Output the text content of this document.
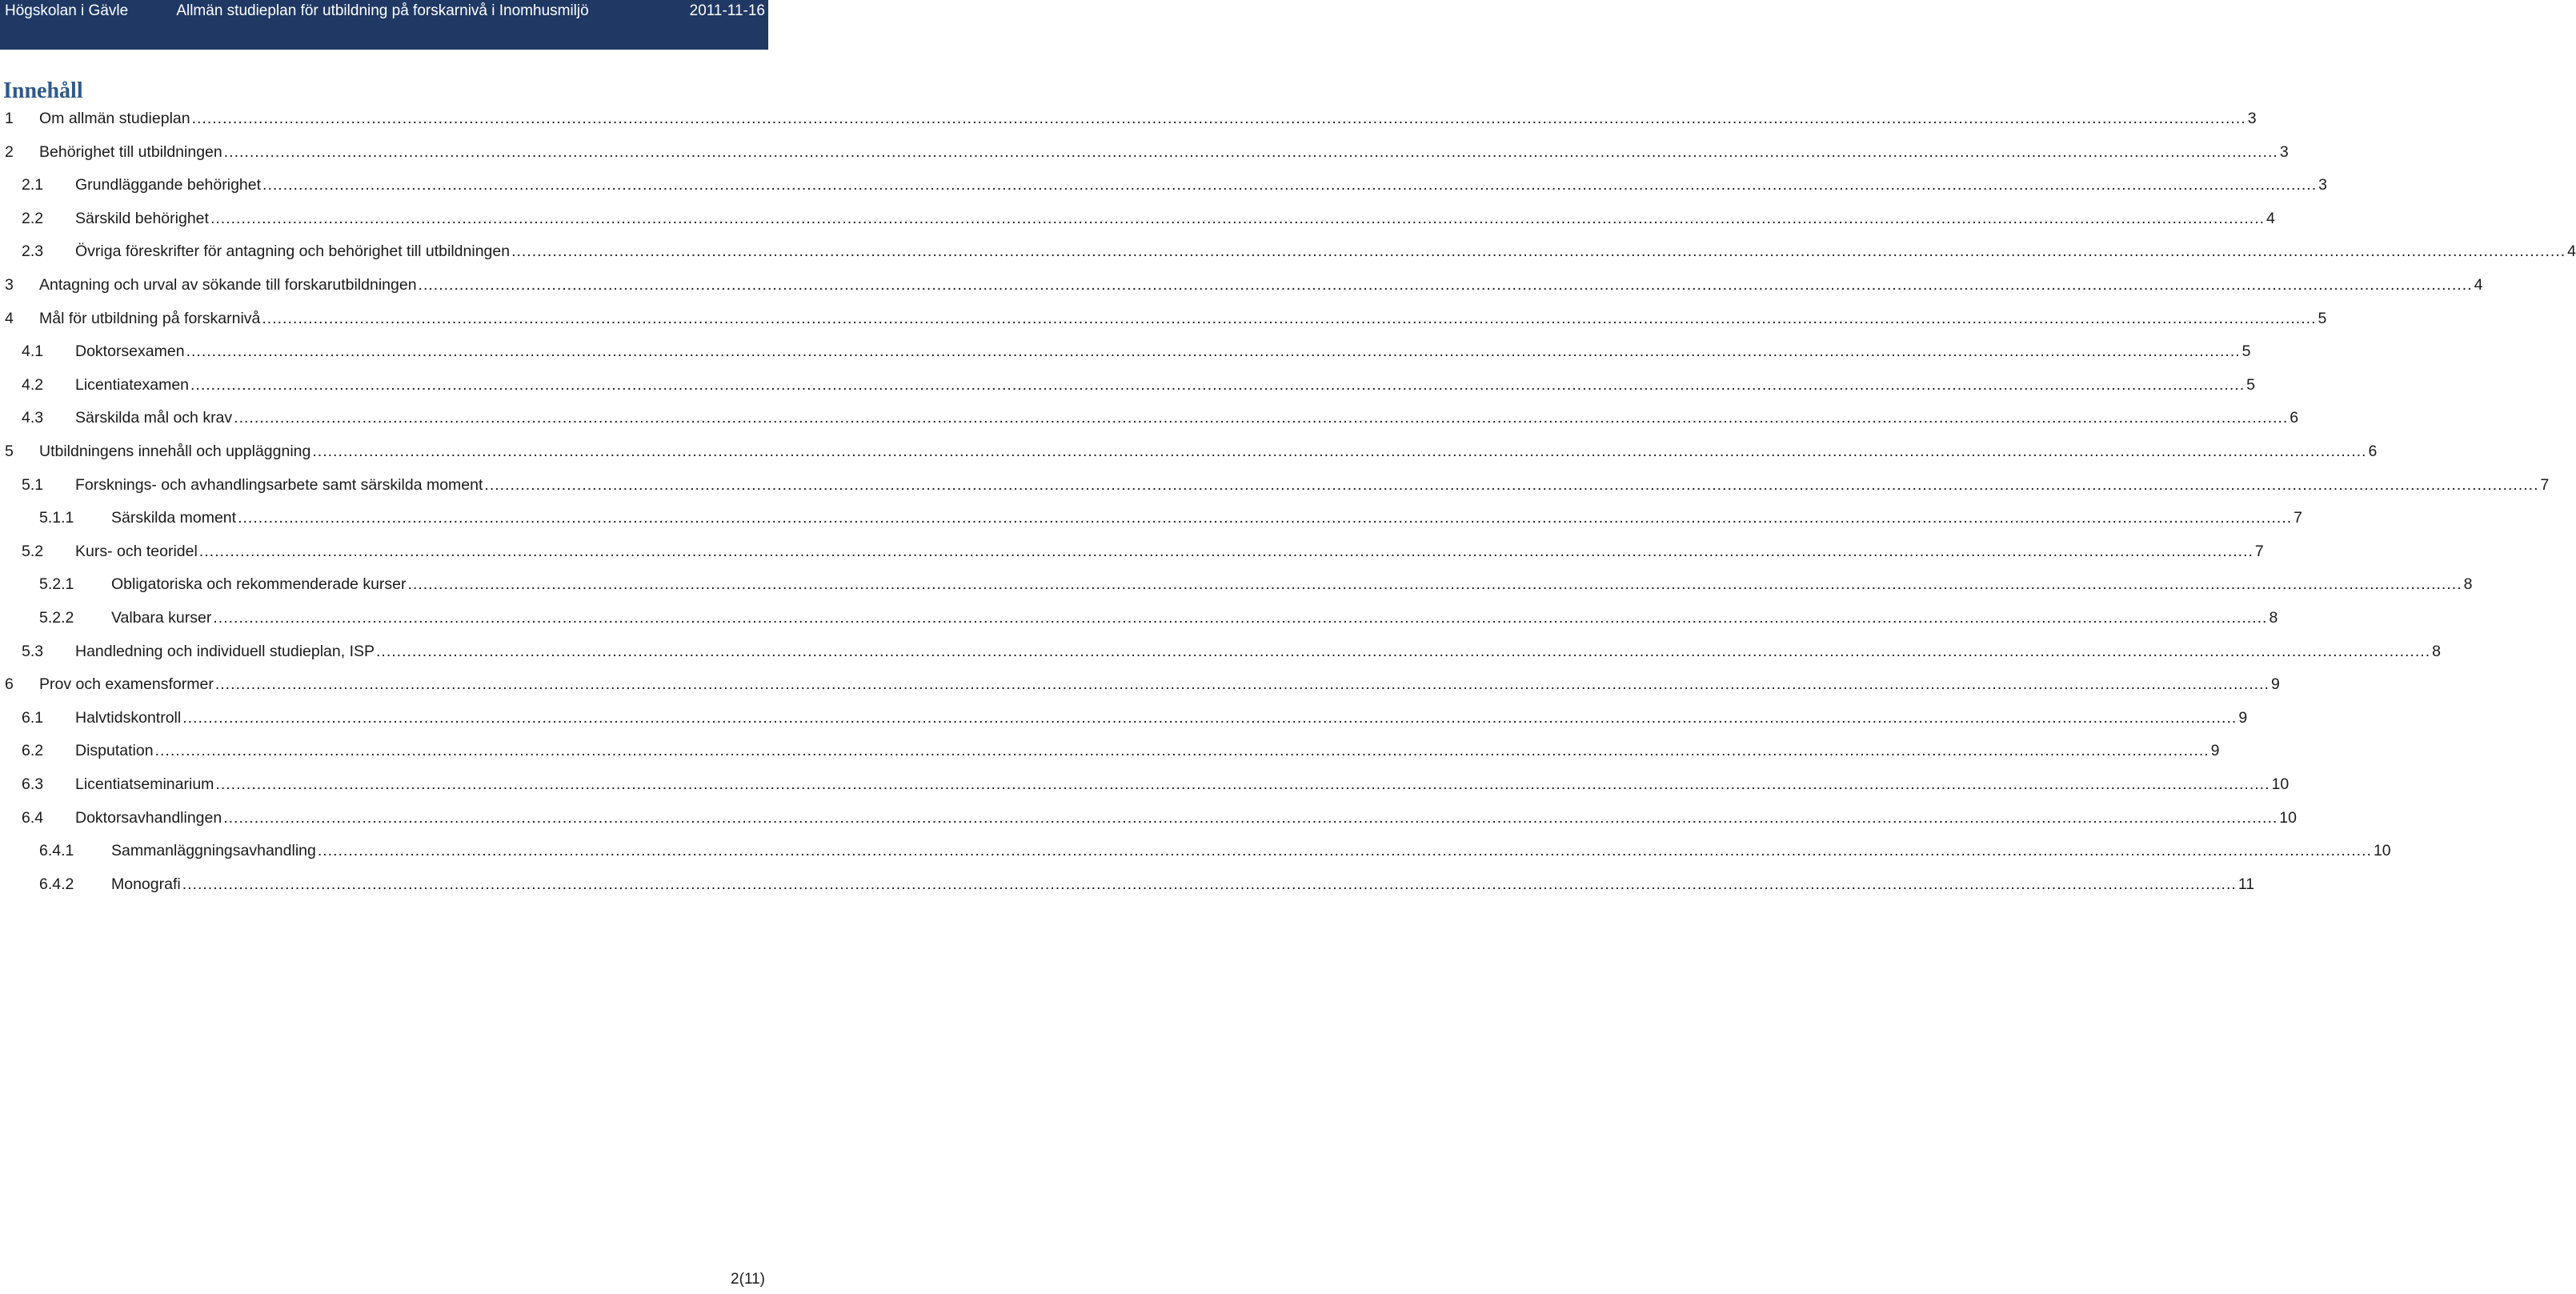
Högskolan i Gävle	Allmän studieplan för utbildning på forskarnivå i Inomhusmiljö	2011-11-16
Innehåll
1 Om allmän studieplan ................................................................................................................................................................................................................................................................................................................................................................................................................ 3
2 Behörighet till utbildningen ................................................................................................................................................................................................................................................................................................................................................................................................................ 3
2.1 Grundläggande behörighet ................................................................................................................................................................................................................................................................................................................................................................................................................ 3
2.2 Särskild behörighet ................................................................................................................................................................................................................................................................................................................................................................................................................ 4
2.3 Övriga föreskrifter för antagning och behörighet till utbildningen ................................................................................................................................................................................................................................................................................................................................................................................................................ 4
3 Antagning och urval av sökande till forskarutbildningen ................................................................................................................................................................................................................................................................................................................................................................................................................ 4
4 Mål för utbildning på forskarnivå ................................................................................................................................................................................................................................................................................................................................................................................................................ 5
4.1 Doktorsexamen ................................................................................................................................................................................................................................................................................................................................................................................................................ 5
4.2 Licentiatexamen ................................................................................................................................................................................................................................................................................................................................................................................................................ 5
4.3 Särskilda mål och krav ................................................................................................................................................................................................................................................................................................................................................................................................................ 6
5 Utbildningens innehåll och uppläggning ................................................................................................................................................................................................................................................................................................................................................................................................................ 6
5.1 Forsknings- och avhandlingsarbete samt särskilda moment ................................................................................................................................................................................................................................................................................................................................................................................................................ 7
5.1.1 Särskilda moment ................................................................................................................................................................................................................................................................................................................................................................................................................ 7
5.2 Kurs- och teoridel ................................................................................................................................................................................................................................................................................................................................................................................................................ 7
5.2.1 Obligatoriska och rekommenderade kurser ................................................................................................................................................................................................................................................................................................................................................................................................................ 8
5.2.2 Valbara kurser ................................................................................................................................................................................................................................................................................................................................................................................................................ 8
5.3 Handledning och individuell studieplan, ISP ................................................................................................................................................................................................................................................................................................................................................................................................................ 8
6 Prov och examensformer ................................................................................................................................................................................................................................................................................................................................................................................................................ 9
6.1 Halvtidskontroll ................................................................................................................................................................................................................................................................................................................................................................................................................ 9
6.2 Disputation ................................................................................................................................................................................................................................................................................................................................................................................................................ 9
6.3 Licentiatseminarium ................................................................................................................................................................................................................................................................................................................................................................................................................ 10
6.4 Doktorsavhandlingen ................................................................................................................................................................................................................................................................................................................................................................................................................ 10
6.4.1 Sammanläggningsavhandling ................................................................................................................................................................................................................................................................................................................................................................................................................ 10
6.4.2 Monografi ................................................................................................................................................................................................................................................................................................................................................................................................................ 11
2(11)
